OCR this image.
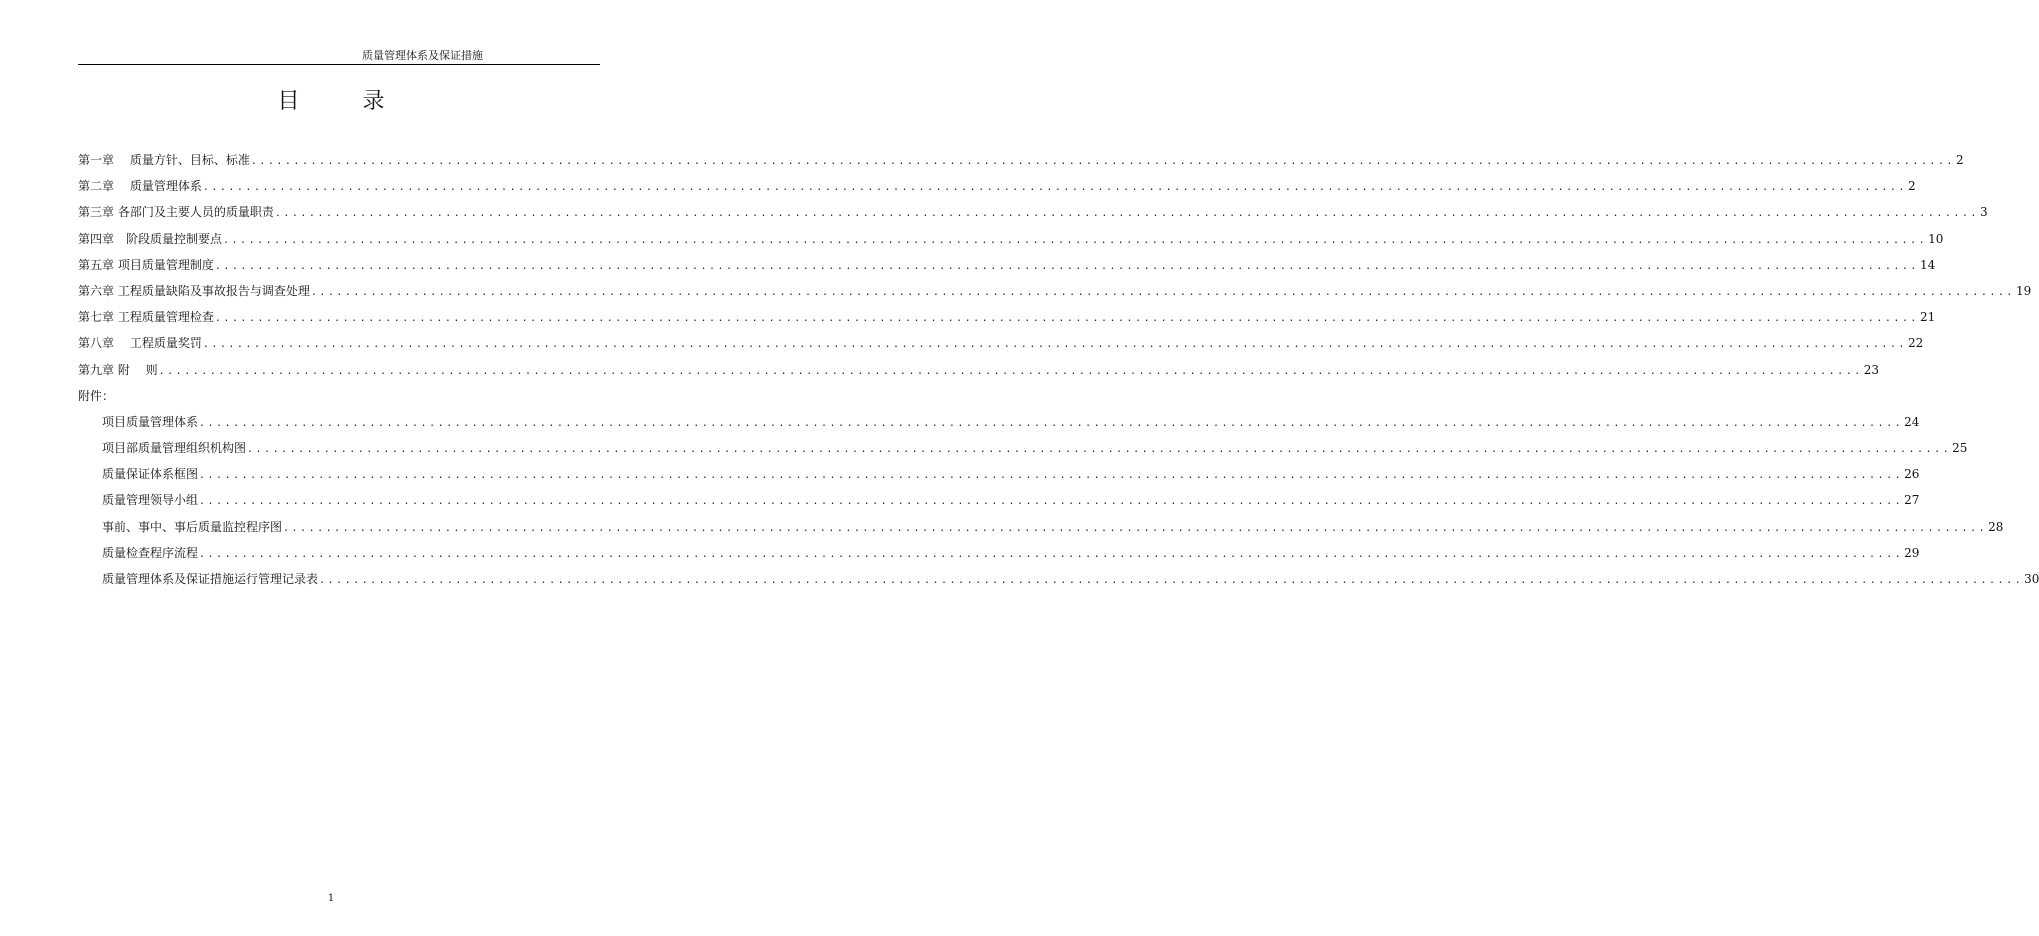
质量管理体系及保证措施
目 录
第一章　 质量方针、目标、标准 ........................................................................................................................................................................................................ 2
第二章　 质量管理体系 ........................................................................................................................................................................................................ 2
第三章 各部门及主要人员的质量职责 ........................................................................................................................................................................................................ 3
第四章　阶段质量控制要点 ........................................................................................................................................................................................................ 10
第五章 项目质量管理制度 ........................................................................................................................................................................................................ 14
第六章 工程质量缺陷及事故报告与调查处理 ........................................................................................................................................................................................................ 19
第七章 工程质量管理检查 ........................................................................................................................................................................................................ 21
第八章　 工程质量奖罚 ........................................................................................................................................................................................................ 22
第九章 附　 则 ........................................................................................................................................................................................................ 23
附件：
项目质量管理体系 ........................................................................................................................................................................................................ 24
项目部质量管理组织机构图 ........................................................................................................................................................................................................ 25
质量保证体系框图 ........................................................................................................................................................................................................ 26
质量管理领导小组 ........................................................................................................................................................................................................ 27
事前、事中、事后质量监控程序图 ........................................................................................................................................................................................................ 28
质量检查程序流程 ........................................................................................................................................................................................................ 29
质量管理体系及保证措施运行管理记录表 ........................................................................................................................................................................................................ 30
1
